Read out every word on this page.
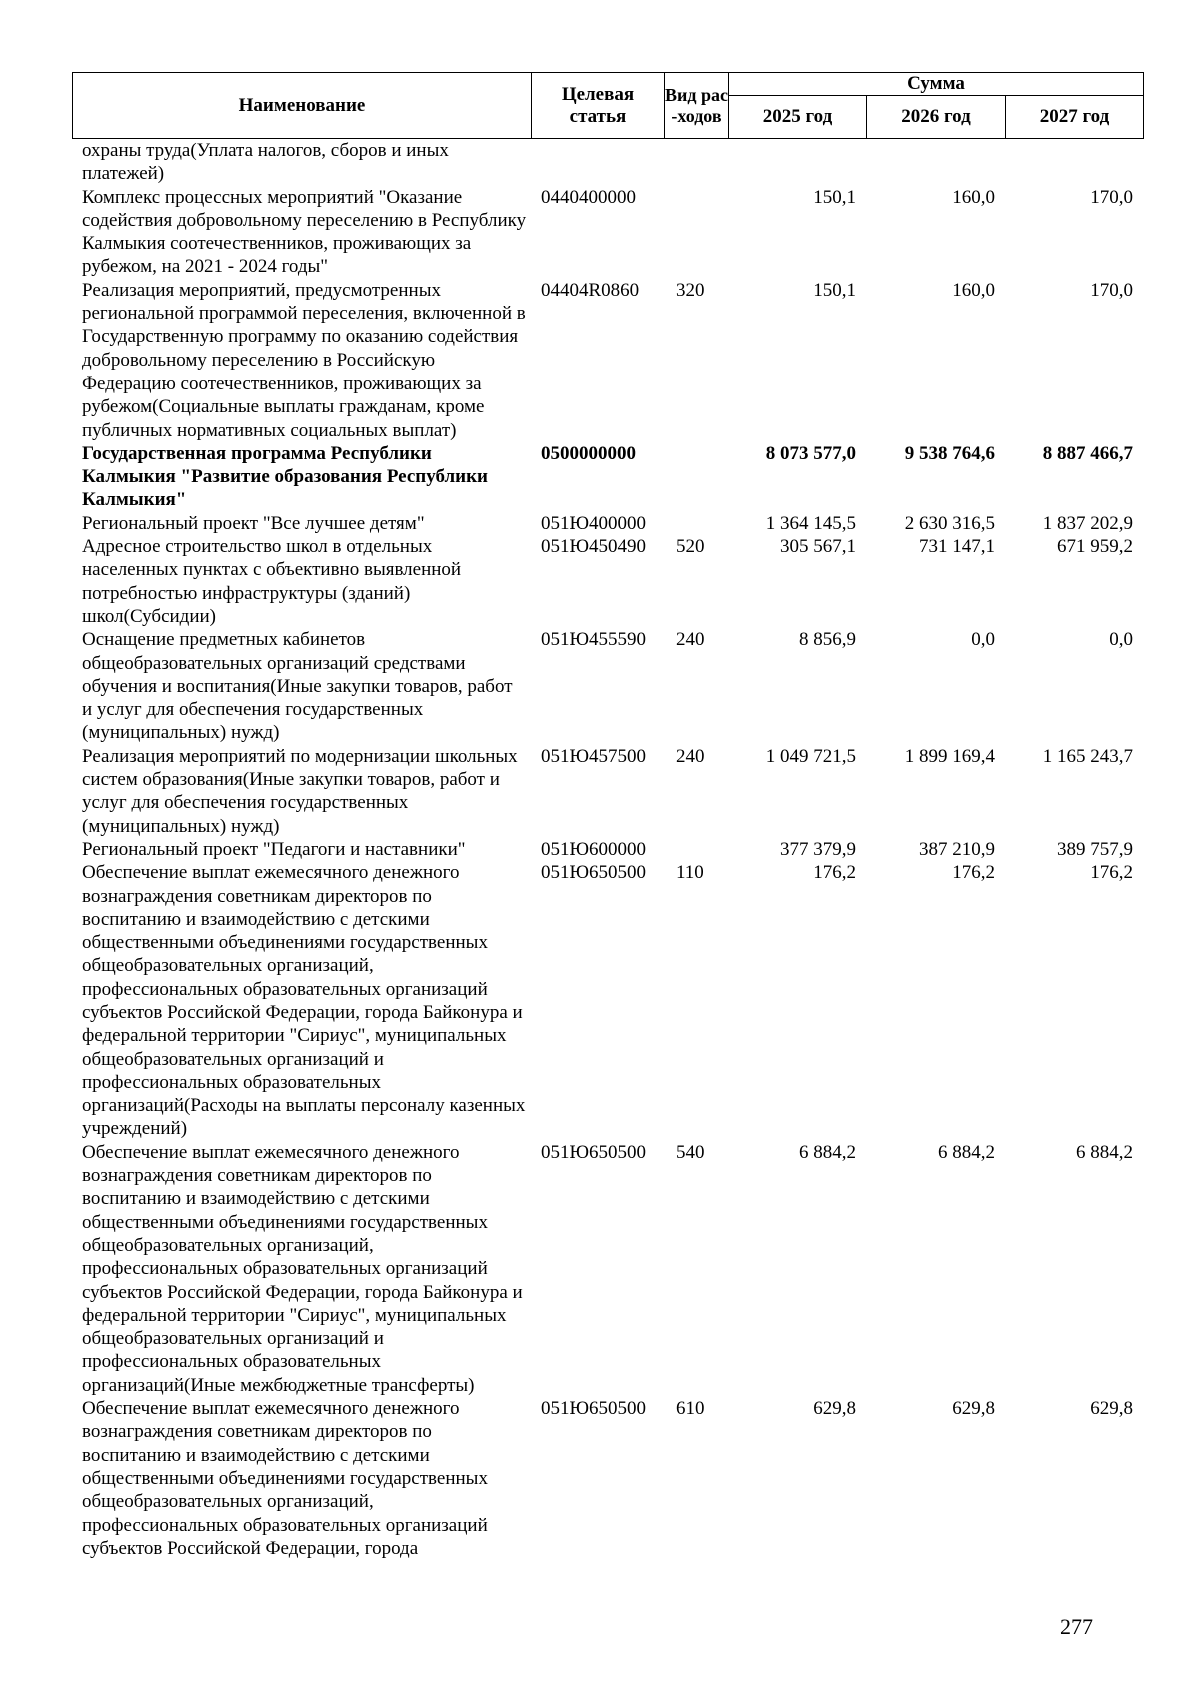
Наименование	Целевая статья	Вид рас-ходов	Сумма		
			2025 год	2026 год	2027 год
охраны труда(Уплата налогов, сборов и иных платежей)					
Комплекс процессных мероприятий "Оказание содействия добровольному переселению в Республику Калмыкия соотечественников, проживающих за рубежом, на 2021 - 2024 годы"	0440400000		150,1	160,0	170,0
Реализация мероприятий, предусмотренных региональной программой переселения, включенной в Государственную программу по оказанию содействия добровольному переселению в Российскую Федерацию соотечественников, проживающих за рубежом(Социальные выплаты гражданам, кроме публичных нормативных социальных выплат)	04404R0860	320	150,1	160,0	170,0
Государственная программа Республики Калмыкия "Развитие образования Республики Калмыкия"	0500000000		8 073 577,0	9 538 764,6	8 887 466,7
Региональный проект "Все лучшее детям"	051Ю400000		1 364 145,5	2 630 316,5	1 837 202,9
Адресное строительство школ в отдельных населенных пунктах с объективно выявленной потребностью инфраструктуры (зданий) школ(Субсидии)	051Ю450490	520	305 567,1	731 147,1	671 959,2
Оснащение предметных кабинетов общеобразовательных организаций средствами обучения и воспитания(Иные закупки товаров, работ и услуг для обеспечения государственных (муниципальных) нужд)	051Ю455590	240	8 856,9	0,0	0,0
Реализация мероприятий по модернизации школьных систем образования(Иные закупки товаров, работ и услуг для обеспечения государственных (муниципальных) нужд)	051Ю457500	240	1 049 721,5	1 899 169,4	1 165 243,7
Региональный проект "Педагоги и наставники"	051Ю600000		377 379,9	387 210,9	389 757,9
Обеспечение выплат ежемесячного денежного вознаграждения советникам директоров по воспитанию и взаимодействию с детскими общественными объединениями государственных общеобразовательных организаций, профессиональных образовательных организаций субъектов Российской Федерации, города Байконура и федеральной территории "Сириус", муниципальных общеобразовательных организаций и профессиональных образовательных организаций(Расходы на выплаты персоналу казенных учреждений)	051Ю650500	110	176,2	176,2	176,2
Обеспечение выплат ежемесячного денежного вознаграждения советникам директоров по воспитанию и взаимодействию с детскими общественными объединениями государственных общеобразовательных организаций, профессиональных образовательных организаций субъектов Российской Федерации, города Байконура и федеральной территории "Сириус", муниципальных общеобразовательных организаций и профессиональных образовательных организаций(Иные межбюджетные трансферты)	051Ю650500	540	6 884,2	6 884,2	6 884,2
Обеспечение выплат ежемесячного денежного вознаграждения советникам директоров по воспитанию и взаимодействию с детскими общественными объединениями государственных общеобразовательных организаций, профессиональных образовательных организаций субъектов Российской Федерации, города	051Ю650500	610	629,8	629,8	629,8
277
